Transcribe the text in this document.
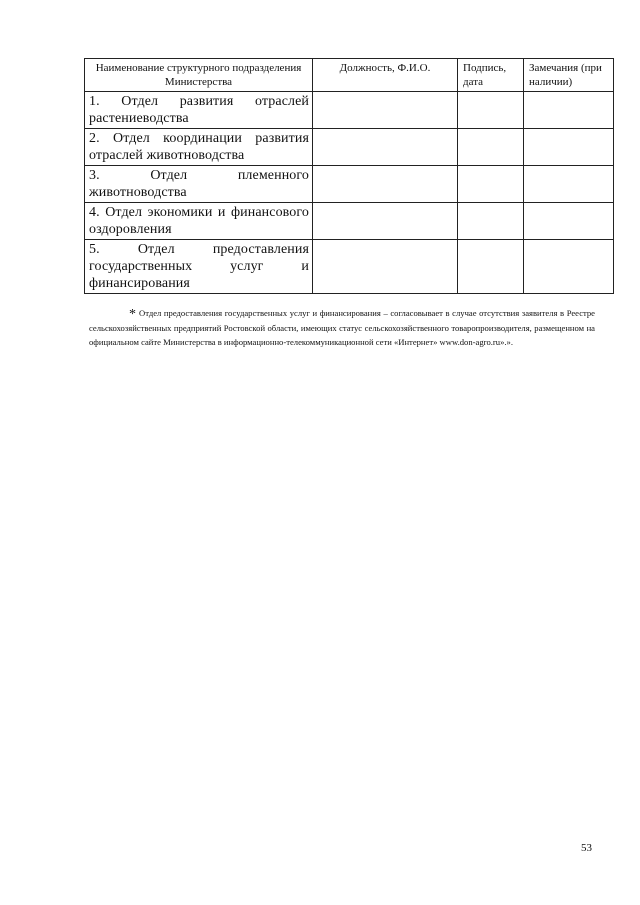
Наименование структурного подразделения Министерства	Должность, Ф.И.О.	Подпись, дата	Замечания (при наличии)
1. Отдел развития отраслей растениеводства			
2. Отдел координации развития отраслей животноводства			
3. Отдел племенного животноводства			
4. Отдел экономики и финансового оздоровления			
5. Отдел предоставления государственных услуг и финансирования			
* Отдел предоставления государственных услуг и финансирования – согласовывает в случае отсутствия заявителя в Реестре сельскохозяйственных предприятий Ростовской области, имеющих статус сельскохозяйственного товаропроизводителя, размещенном на официальном сайте Министерства в информационно-телекоммуникационной сети «Интернет» www.don-agro.ru».».
53
